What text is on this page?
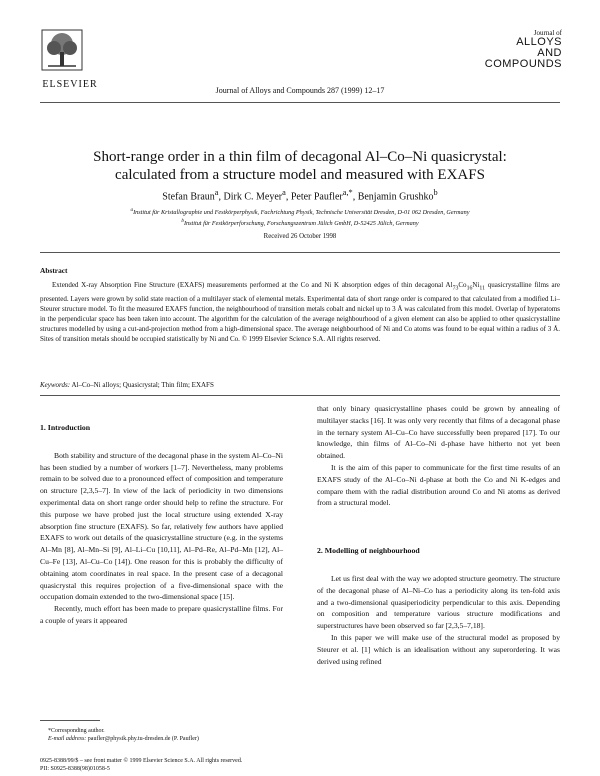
ELSEVIER
Journal of Alloys and Compounds 287 (1999) 12–17
Journal of
ALLOYS
AND COMPOUNDS
Short-range order in a thin film of decagonal Al–Co–Ni quasicrystal:
calculated from a structure model and measured with EXAFS
Stefan Braun$^a$, Dirk C. Meyer$^a$, Peter Paufler$^{a,*}$, Benjamin Grushko$^b$
$^a$Institut für Kristallographie und Festkörperphysik, Fachrichtung Physik, Technische Universität Dresden, D-01 062 Dresden, Germany
$^b$Institut für Festkörperforschung, Forschungszentrum Jülich GmbH, D-52425 Jülich, Germany
Received 26 October 1998
Abstract
Extended X-ray Absorption Fine Structure (EXAFS) measurements performed at the Co and Ni K absorption edges of thin decagonal $Al_{73}Co_{16}Ni_{11}$ quasicrystalline films are presented. Layers were grown by solid state reaction of a multilayer stack of elemental metals. Experimental data of short range order is compared to that calculated from a modified Li–Steurer structure model. To fit the measured EXAFS function, the neighbourhood of transition metals cobalt and nickel up to 3 Å was calculated from this model. Overlap of hyperatoms in the perpendicular space has been taken into account. The algorithm for the calculation of the average neighbourhood of a given element can also be applied to other quasicrystalline structures modelled by using a cut-and-projection method from a high-dimensional space. The average neighbourhood of Ni and Co atoms was found to be equal within a radius of 3 Å. Sites of transition metals should be occupied statistically by Ni and Co. © 1999 Elsevier Science S.A. All rights reserved.
Keywords: Al–Co–Ni alloys; Quasicrystal; Thin film; EXAFS
1. Introduction

Both stability and structure of the decagonal phase in the system Al–Co–Ni has been studied by a number of workers [1–7]. Nevertheless, many problems remain to be solved due to a pronounced effect of composition and temperature on structure [2,3,5–7]. In view of the lack of periodicity in two dimensions experimental data on short range order should help to refine the structure. For this purpose we have probed just the local structure using extended X-ray absorption fine structure (EXAFS). So far, relatively few authors have applied EXAFS to work out details of the quasicrystalline structure (e.g. in the systems Al–Mn [8], Al–Mn–Si [9], Al–Li–Cu [10,11], Al–Pd–Re, Al–Pd–Mn [12], Al–Cu–Fe [13], Al–Cu–Co [14]). One reason for this is probably the difficulty of obtaining atom coordinates in real space. In the present case of a decagonal quasicrystal this requires projection of a five-dimensional space with the occupation domain extended to the two-dimensional space [15].

Recently, much effort has been made to prepare quasicrystalline films. For a couple of years it appeared

*Corresponding author.

E-mail address: paufler@physik.phy.tu-dresden.de (P. Paufler)

that only binary quasicrystalline phases could be grown by annealing of multilayer stacks [16]. It was only very recently that films of a decagonal phase in the ternary system Al–Cu–Co have successfully been prepared [17]. To our knowledge, thin films of Al–Co–Ni d-phase have hitherto not yet been obtained.

It is the aim of this paper to communicate for the first time results of an EXAFS study of the Al–Co–Ni d-phase at both the Co and Ni K-edges and compare them with the radial distribution around Co and Ni atoms as derived from a structural model.

2. Modelling of neighbourhood

Let us first deal with the way we adopted structure geometry. The structure of the decagonal phase of Al–Ni–Co has a periodicity along its ten-fold axis and a two-dimensional quasiperiodicity perpendicular to this axis. Depending on composition and temperature various structure modifications and superstructures have been observed so far [2,3,5–7,18].

In this paper we will make use of the structural model as proposed by Steurer et al. [1] which is an idealisation without any superordering. It was derived using refined

0925-8388/99/$ – see front matter © 1999 Elsevier Science S.A. All rights reserved.
PII: S0925-8388(98)01058-5
